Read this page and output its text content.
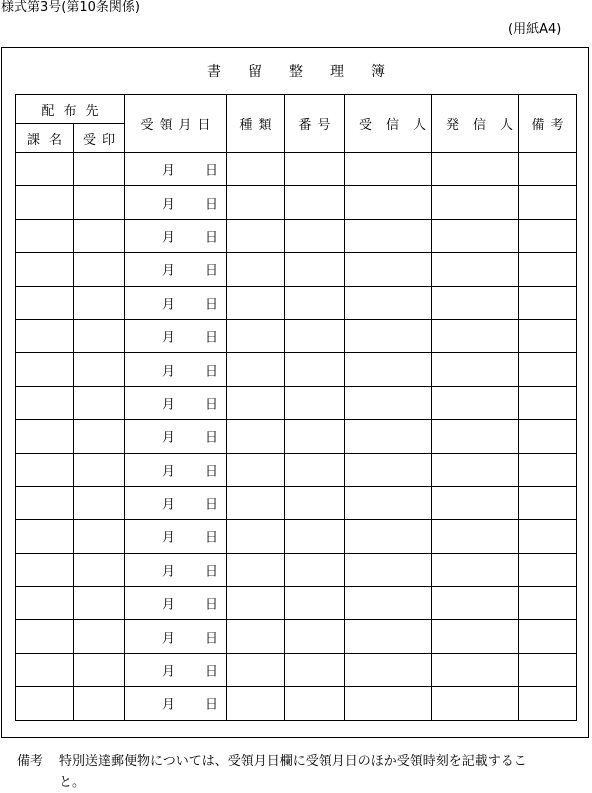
様式第3号(第10条関係)
(用紙A4)
書留整理簿
配布先		受領月日	種類	番号	受信人	発信人	備考
課名	受印						

		月 日					

		月 日					

		月 日					

		月 日					

		月 日					

		月 日					

		月 日					

		月 日					

		月 日					

		月 日					

		月 日					

		月 日					

		月 日					

		月 日					

		月 日					

		月 日					

		月 日					

備考	特別送達郵便物については、受領月日欄に受領月日のほか受領時刻を記載するこ
と。
